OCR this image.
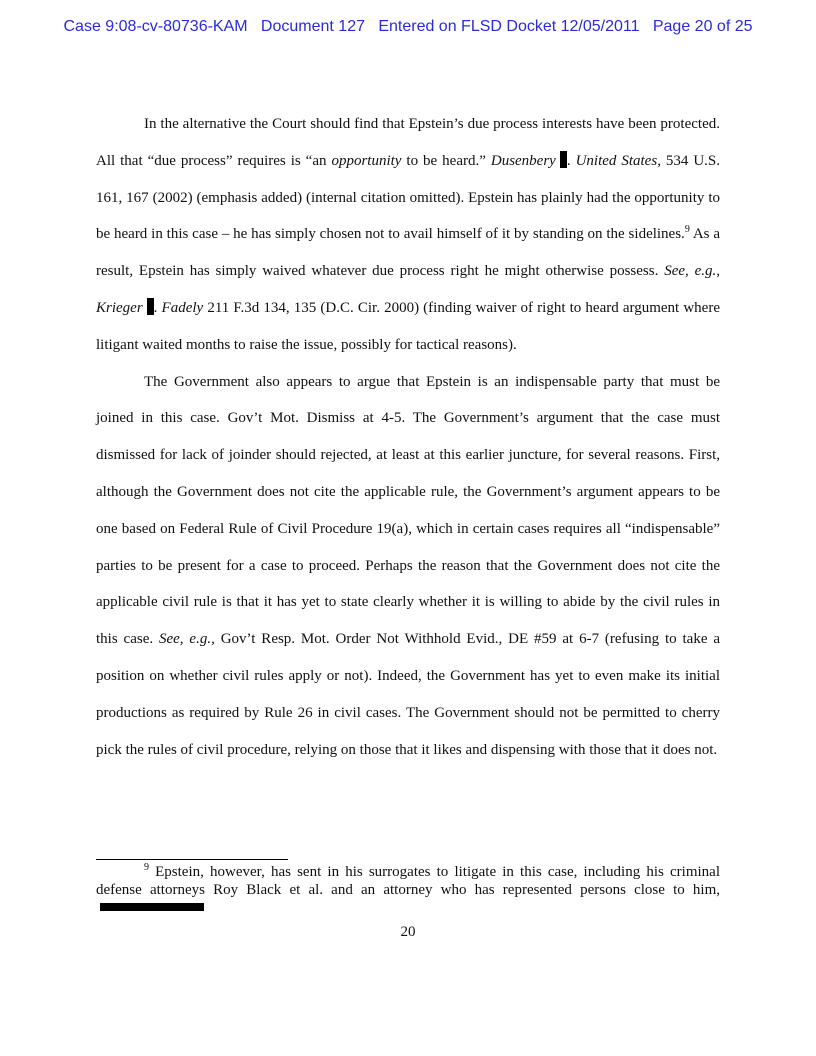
Case 9:08-cv-80736-KAM   Document 127   Entered on FLSD Docket 12/05/2011   Page 20 of 25

In the alternative the Court should find that Epstein’s due process interests have been protected. All that “due process” requires is “an opportunity to be heard.” Dusenbery . United States, 534 U.S. 161, 167 (2002) (emphasis added) (internal citation omitted). Epstein has plainly had the opportunity to be heard in this case – he has simply chosen not to avail himself of it by standing on the sidelines.$^9$ As a result, Epstein has simply waived whatever due process right he might otherwise possess. See, e.g., Krieger . Fadely 211 F.3d 134, 135 (D.C. Cir. 2000) (finding waiver of right to heard argument where litigant waited months to raise the issue, possibly for tactical reasons).

The Government also appears to argue that Epstein is an indispensable party that must be joined in this case. Gov’t Mot. Dismiss at 4-5. The Government’s argument that the case must dismissed for lack of joinder should rejected, at least at this earlier juncture, for several reasons. First, although the Government does not cite the applicable rule, the Government’s argument appears to be one based on Federal Rule of Civil Procedure 19(a), which in certain cases requires all “indispensable” parties to be present for a case to proceed. Perhaps the reason that the Government does not cite the applicable civil rule is that it has yet to state clearly whether it is willing to abide by the civil rules in this case. See, e.g., Gov’t Resp. Mot. Order Not Withhold Evid., DE #59 at 6-7 (refusing to take a position on whether civil rules apply or not). Indeed, the Government has yet to even make its initial productions as required by Rule 26 in civil cases. The Government should not be permitted to cherry pick the rules of civil procedure, relying on those that it likes and dispensing with those that it does not.

$^9$ Epstein, however, has sent in his surrogates to litigate in this case, including his criminal defense attorneys Roy Black et al. and an attorney who has represented persons close to him,

20
